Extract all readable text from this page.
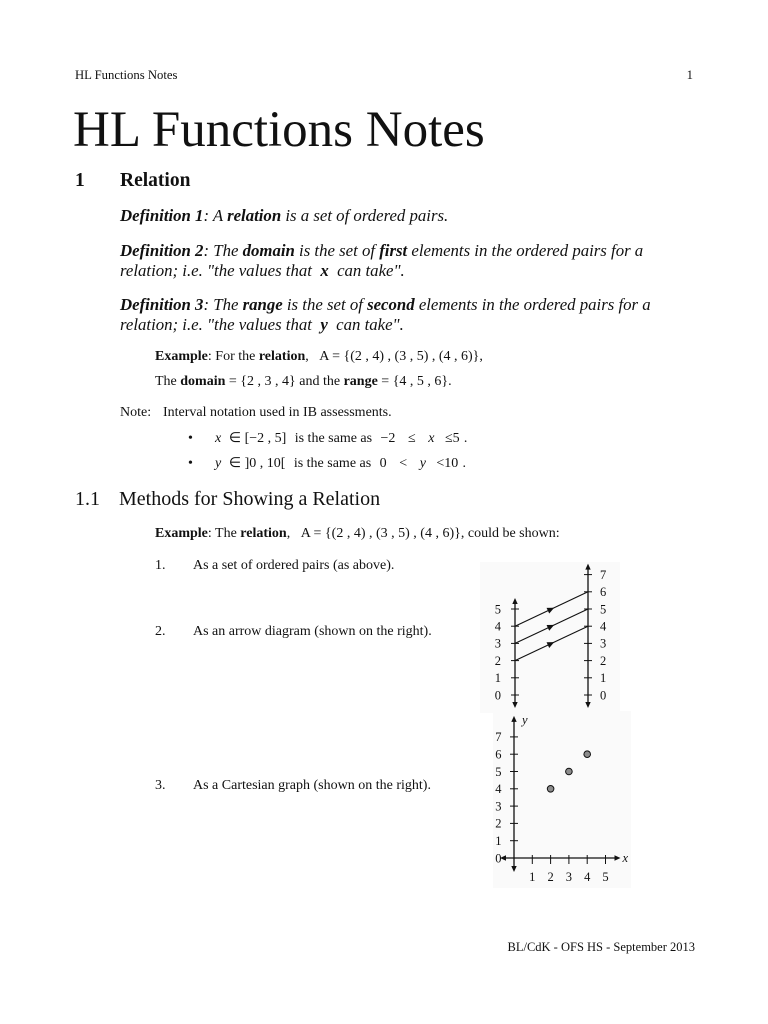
HL Functions Notes	1
HL Functions Notes
1 Relation
Definition 1: A relation is a set of ordered pairs.
Definition 2: The domain is the set of first elements in the ordered pairs for a
relation; i.e. "the values that x can take".
Definition 3: The range is the set of second elements in the ordered pairs for a
relation; i.e. "the values that y can take".
Example: For the relation, A = {(2 , 4) , (3 , 5) , (4 , 6)},
The domain = {2 , 3 , 4} and the range = {4 , 5 , 6}.
Note: Interval notation used in IB assessments.
• x ∈ [−2 , 5] is the same as −2 ≤ x ≤5 .
• y ∈ ]0 , 10[ is the same as 0 < y <10 .
1.1 Methods for Showing a Relation
Example: The relation, A = {(2 , 4) , (3 , 5) , (4 , 6)}, could be shown:
1. As a set of ordered pairs (as above).
2. As an arrow diagram (shown on the right).
3. As a Cartesian graph (shown on the right).
0
1
2
3
4
5
0
1
2
3
4
5
6
7
0
1
2
3
4
5
6
7
1 2 3 4 5
x
y
BL/CdK - OFS HS - September 2013
